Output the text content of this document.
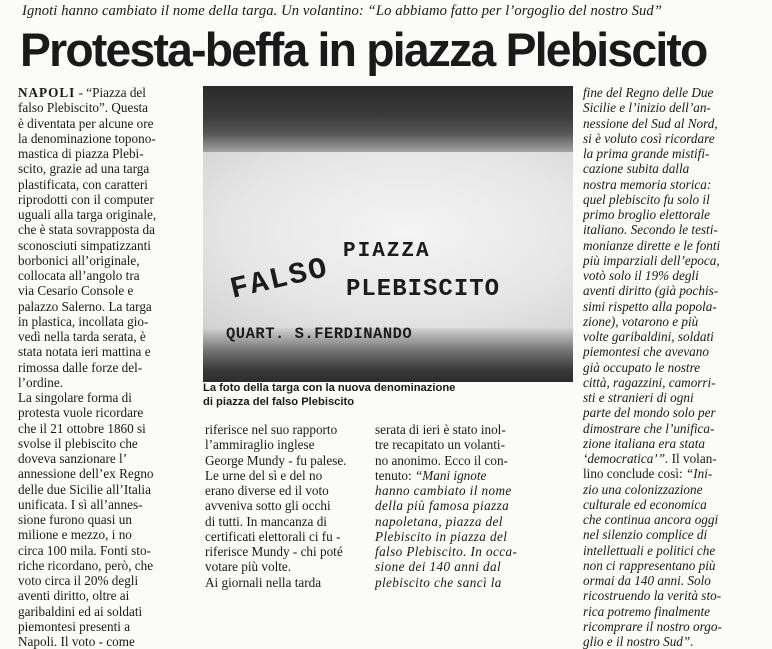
Ignoti hanno cambiato il nome della targa. Un volantino: “Lo abbiamo fatto per l’orgoglio del nostro Sud”
Protesta-beffa in piazza Plebiscito
NAPOLI - “Piazza del
falso Plebiscito”. Questa
è diventata per alcune ore
la denominazione topono-
mastica di piazza Plebi-
scito, grazie ad una targa
plastificata, con caratteri
riprodotti con il computer
uguali alla targa originale,
che è stata sovrapposta da
sconosciuti simpatizzanti
borbonici all’originale,
collocata all’angolo tra
via Cesario Console e
palazzo Salerno. La targa
in plastica, incollata gio-
vedì nella tarda serata, è
stata notata ieri mattina e
rimossa dalle forze del-
l’ordine.
La singolare forma di
protesta vuole ricordare
che il 21 ottobre 1860 si
svolse il plebiscito che
doveva sanzionare l’
annessione dell’ex Regno
delle due Sicilie all’Italia
unificata. I sì all’annes-
sione furono quasi un
milione e mezzo, i no
circa 100 mila. Fonti sto-
riche ricordano, però, che
voto circa il 20% degli
aventi diritto, oltre ai
garibaldini ed ai soldati
piemontesi presenti a
Napoli. Il voto - come
PIAZZA
FALSO PLEBISCITO
QUART. S.FERDINANDO
La foto della targa con la nuova denominazione
di piazza del falso Plebiscito
riferisce nel suo rapporto
l’ammiraglio inglese
George Mundy - fu palese.
Le urne del sì e del no
erano diverse ed il voto
avveniva sotto gli occhi
di tutti. In mancanza di
certificati elettorali ci fu -
riferisce Mundy - chi poté
votare più volte.
Ai giornali nella tarda
serata di ieri è stato inol-
tre recapitato un volanti-
no anonimo. Ecco il con-
tenuto: “Mani ignote
hanno cambiato il nome
della più famosa piazza
napoletana, piazza del
Plebiscito in piazza del
falso Plebiscito. In occa-
sione dei 140 anni dal
plebiscito che sancì la
fine del Regno delle Due
Sicilie e l’inizio dell’an-
nessione del Sud al Nord,
si è voluto così ricordare
la prima grande mistifi-
cazione subita dalla
nostra memoria storica:
quel plebiscito fu solo il
primo broglio elettorale
italiano. Secondo le testi-
monianze dirette e le fonti
più imparziali dell’epoca,
votò solo il 19% degli
aventi diritto (già pochis-
simi rispetto alla popola-
zione), votarono e più
volte garibaldini, soldati
piemontesi che avevano
già occupato le nostre
città, ragazzini, camorri-
sti e stranieri di ogni
parte del mondo solo per
dimostrare che l’unifica-
zione italiana era stata
‘democratica’”. Il volan-
lino conclude così: “Ini-
zio una colonizzazione
culturale ed economica
che continua ancora oggi
nel silenzio complice di
intellettuali e politici che
non ci rappresentano più
ormai da 140 anni. Solo
ricostruendo la verità sto-
rica potremo finalmente
ricomprare il nostro orgo-
glio e il nostro Sud”.
